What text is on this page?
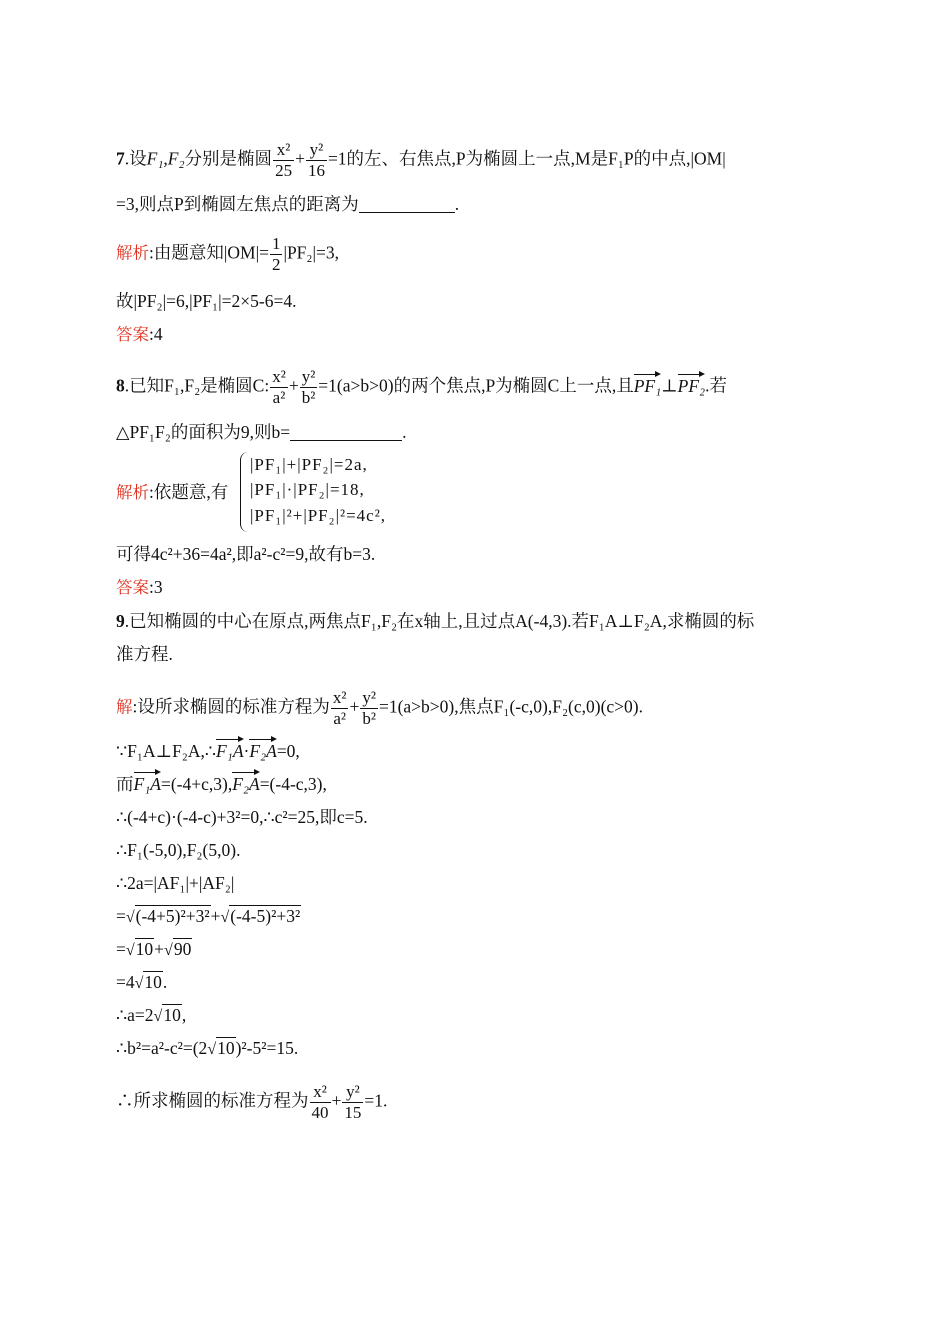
7.设F₁,F₂分别是椭圆 $\frac{\text{x²}}{25} + \frac{\text{y²}}{16} =1$的左、右焦点,P为椭圆上一点,M是F₁P的中点,|OM|
=3,则点P到椭圆左焦点的距离为	.
解析:由题意知$|OM|= \frac{1}{2} |PF_2|=3$,
故|PF₂|=6,|PF₁|=2×5-6=4.
答案:4
8.已知F₁,F₂是椭圆C: $\frac{\text{x²}}{\text{a²}} + \frac{\text{y²}}{\text{b²}} =1(a>b>0)$的两个焦点,P为椭圆C上一点,且PF₁⊥PF₂.若
△PF₁F₂的面积为9,则b=	.
解析:依题意,有
|PF₁|+|PF₂|=2a,
|PF₁|·|PF₂|=18,
|PF₁|²+|PF₂|²=4c²,
可得4c²+36=4a²,即a²-c²=9,故有b=3.
答案:3
9.已知椭圆的中心在原点,两焦点F₁,F₂在x轴上,且过点A(-4,3).若F₁A⊥F₂A,求椭圆的标
准方程.
解:设所求椭圆的标准方程为 $\frac{\text{x²}}{\text{a²}} + \frac{\text{y²}}{\text{b²}} =1(a>b>0)$,焦点F₁(-c,0),F₂(c,0)(c>0).
∵F₁A⊥F₂A,∴F₁A·F₂A=0,
而F₁A=(-4+c,3),F₂A=(-4-c,3),
∴(-4+c)·(-4-c)+3²=0,∴c²=25,即c=5.
∴F₁(-5,0),F₂(5,0).
∴2a=|AF₁|+|AF₂|
=√(-4+5)²+3²+√(-4-5)²+3²
=√10+√90
=4√10.
∴a=2√10,
∴b²=a²-c²=(2√10)²-5²=15.
∴所求椭圆的标准方程为 $\frac{\text{x²}}{40} + \frac{\text{y²}}{15} =1$.
